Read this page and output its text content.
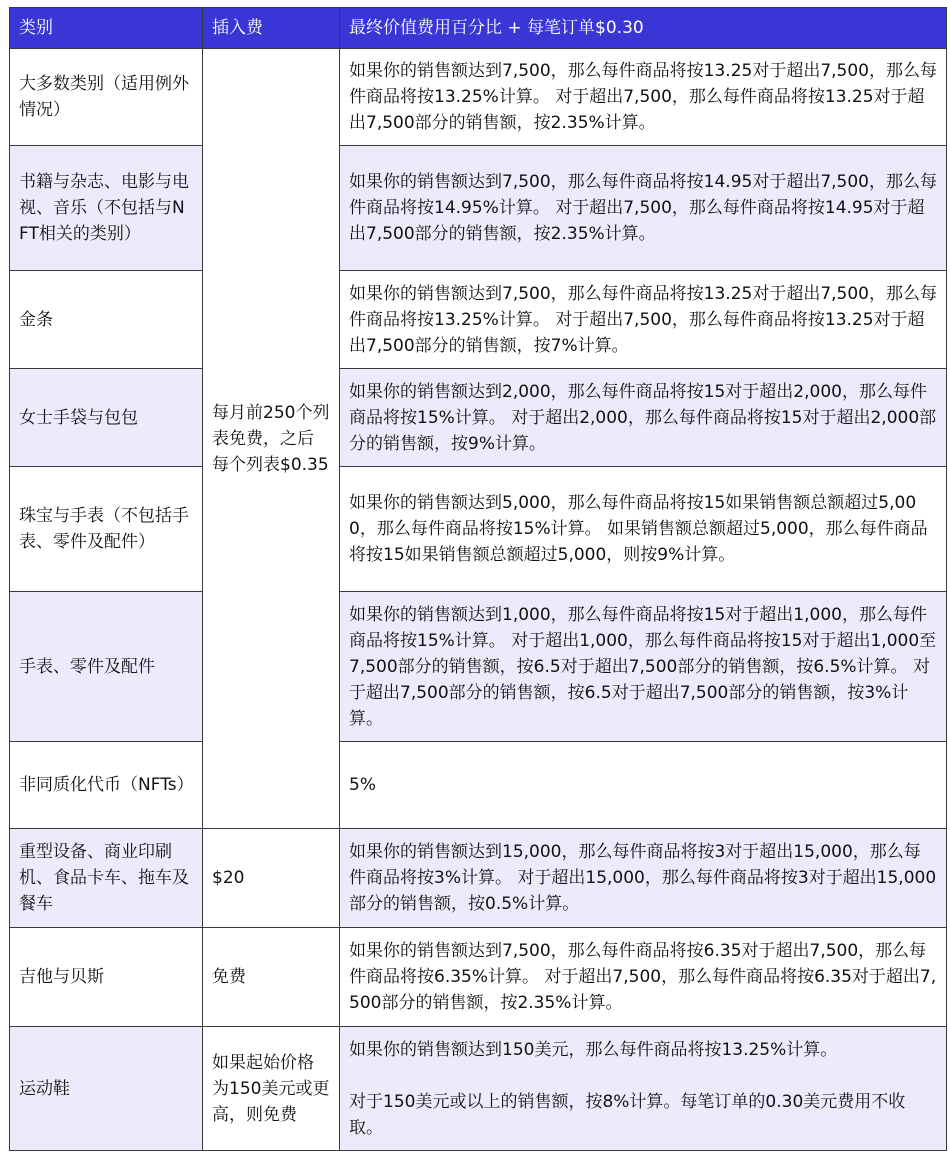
类别	插入费	最终价值费用百分比 + 每笔订单$0.30
大多数类别（适用例外情况）	每月前250个列表免费，之后每个列表$0.35	如果你的销售额达到7,500，那么每件商品将按13.25对于超出7,500，那么每件商品将按13.25%计算。 对于超出7,500，那么每件商品将按13.25对于超出7,500部分的销售额，按2.35%计算。
书籍与杂志、电影与电视、音乐（不包括与NFT相关的类别）		如果你的销售额达到7,500，那么每件商品将按14.95对于超出7,500，那么每件商品将按14.95%计算。 对于超出7,500，那么每件商品将按14.95对于超出7,500部分的销售额，按2.35%计算。
金条		如果你的销售额达到7,500，那么每件商品将按13.25对于超出7,500，那么每件商品将按13.25%计算。 对于超出7,500，那么每件商品将按13.25对于超出7,500部分的销售额，按7%计算。
女士手袋与包包		如果你的销售额达到2,000，那么每件商品将按15对于超出2,000，那么每件商品将按15%计算。 对于超出2,000，那么每件商品将按15对于超出2,000部分的销售额，按9%计算。
珠宝与手表（不包括手表、零件及配件）		如果你的销售额达到5,000，那么每件商品将按15如果销售额总额超过5,000，那么每件商品将按15%计算。 如果销售额总额超过5,000，那么每件商品将按15如果销售额总额超过5,000，则按9%计算。
手表、零件及配件		如果你的销售额达到1,000，那么每件商品将按15对于超出1,000，那么每件商品将按15%计算。 对于超出1,000，那么每件商品将按15对于超出1,000至7,500部分的销售额，按6.5对于超出7,500部分的销售额，按6.5%计算。 对于超出7,500部分的销售额，按6.5对于超出7,500部分的销售额，按3%计算。
非同质化代币（NFTs）		5%
重型设备、商业印刷机、食品卡车、拖车及餐车	$20	如果你的销售额达到15,000，那么每件商品将按3对于超出15,000，那么每件商品将按3%计算。 对于超出15,000，那么每件商品将按3对于超出15,000部分的销售额，按0.5%计算。
吉他与贝斯	免费	如果你的销售额达到7,500，那么每件商品将按6.35对于超出7,500，那么每件商品将按6.35%计算。 对于超出7,500，那么每件商品将按6.35对于超出7,500部分的销售额，按2.35%计算。
运动鞋	如果起始价格为150美元或更高，则免费	如果你的销售额达到150美元，那么每件商品将按13.25%计算。
对于150美元或以上的销售额，按8%计算。每笔订单的0.30美元费用不收取。
